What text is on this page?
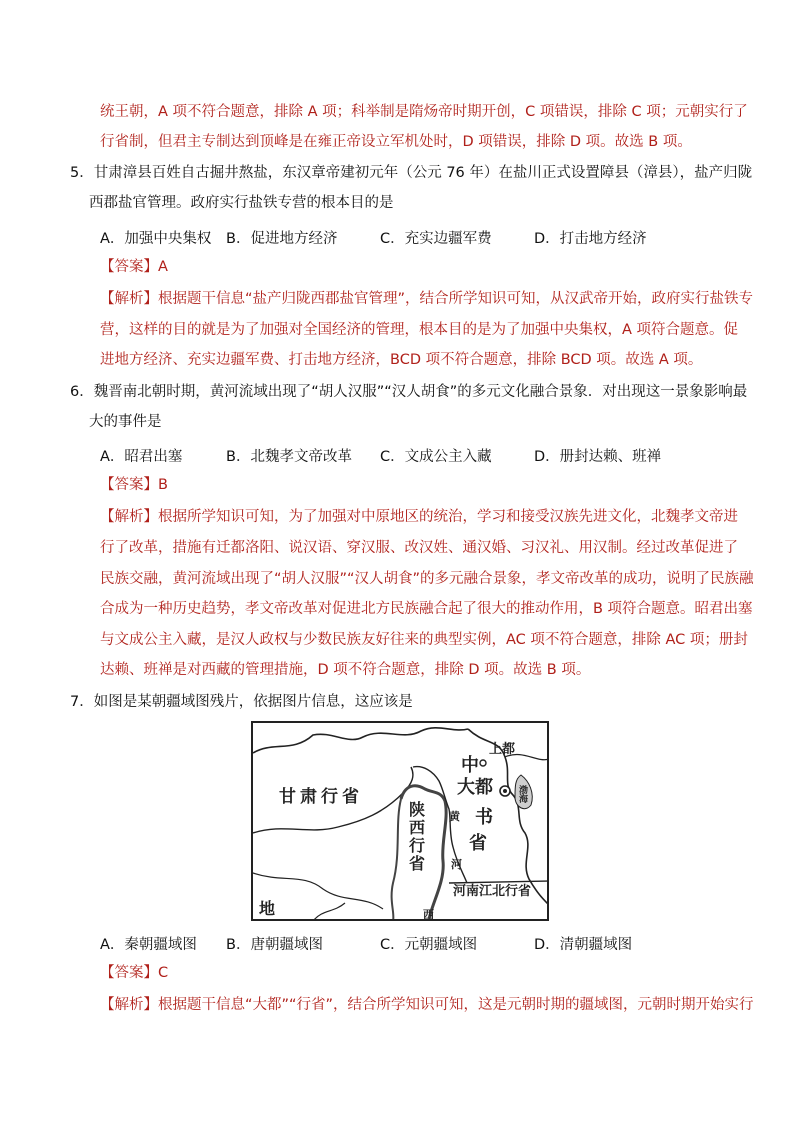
统王朝，A 项不符合题意，排除 A 项；科举制是隋炀帝时期开创，C 项错误，排除 C 项；元朝实行了
行省制，但君主专制达到顶峰是在雍正帝设立军机处时，D 项错误，排除 D 项。故选 B 项。
5．甘肃漳县百姓自古掘井熬盐，东汉章帝建初元年（公元 76 年）在盐川正式设置障县（漳县），盐产归陇
西郡盐官管理。政府实行盐铁专营的根本目的是
A．加强中央集权 B．促进地方经济	C．充实边疆军费	D．打击地方经济
【答案】A
【解析】根据题干信息“盐产归陇西郡盐官管理”，结合所学知识可知，从汉武帝开始，政府实行盐铁专
营，这样的目的就是为了加强对全国经济的管理，根本目的是为了加强中央集权，A 项符合题意。促
进地方经济、充实边疆军费、打击地方经济，BCD 项不符合题意，排除 BCD 项。故选 A 项。
6．魏晋南北朝时期，黄河流域出现了“胡人汉服”“汉人胡食”的多元文化融合景象．对出现这一景象影响最
大的事件是
A．昭君出塞	B．北魏孝文帝改革 C．文成公主入藏	D．册封达赖、班禅
【答案】B
【解析】根据所学知识可知，为了加强对中原地区的统治，学习和接受汉族先进文化，北魏孝文帝进
行了改革，措施有迁都洛阳、说汉语、穿汉服、改汉姓、通汉婚、习汉礼、用汉制。经过改革促进了
民族交融，黄河流域出现了“胡人汉服”“汉人胡食”的多元融合景象，孝文帝改革的成功，说明了民族融
合成为一种历史趋势，孝文帝改革对促进北方民族融合起了很大的推动作用，B 项符合题意。昭君出塞
与文成公主入藏，是汉人政权与少数民族友好往来的典型实例，AC 项不符合题意，排除 AC 项；册封
达赖、班禅是对西藏的管理措施，D 项不符合题意，排除 D 项。故选 B 项。
7．如图是某朝疆域图残片，依据图片信息，这应该是
上都
中
大都
书
省
甘肃行省
陕西行省
河南江北行省
地	西
黄
河
渤海
A．秦朝疆域图 B．唐朝疆域图	C．元朝疆域图	D．清朝疆域图
【答案】C
【解析】根据题干信息“大都”“行省”，结合所学知识可知，这是元朝时期的疆域图，元朝时期开始实行
